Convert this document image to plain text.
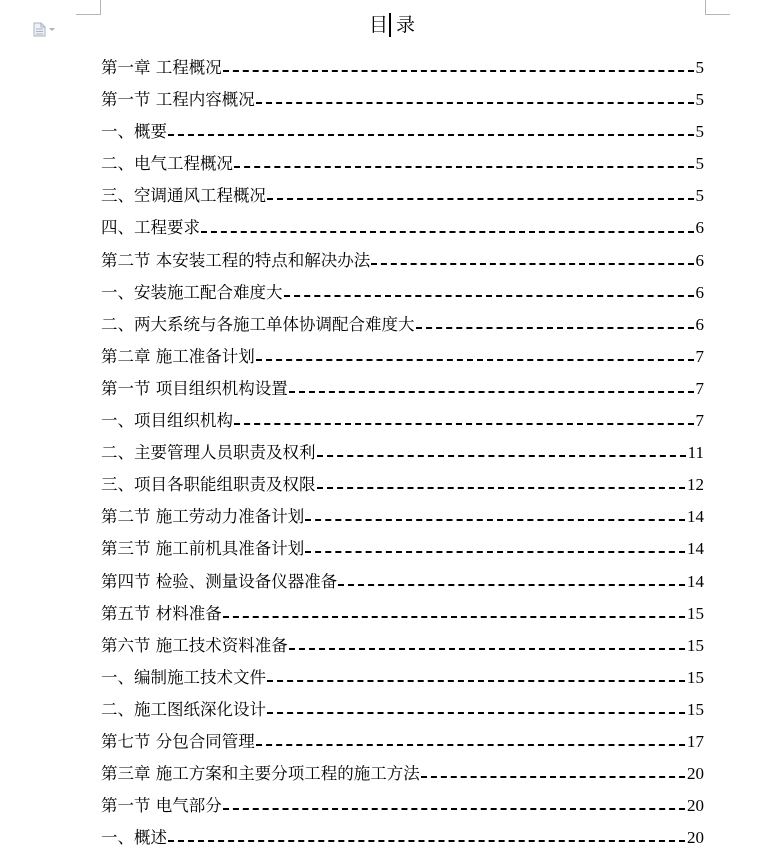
目 录
第一章 工程概况	5
第一节 工程内容概况	5
一、概要	5
二、电气工程概况	5
三、空调通风工程概况	5
四、工程要求	6
第二节 本安装工程的特点和解决办法	6
一、安装施工配合难度大	6
二、两大系统与各施工单体协调配合难度大	6
第二章 施工准备计划	7
第一节 项目组织机构设置	7
一、项目组织机构	7
二、主要管理人员职责及权利	11
三、项目各职能组职责及权限	12
第二节 施工劳动力准备计划	14
第三节 施工前机具准备计划	14
第四节 检验、测量设备仪器准备	14
第五节 材料准备	15
第六节 施工技术资料准备	15
一、编制施工技术文件	15
二、施工图纸深化设计	15
第七节 分包合同管理	17
第三章 施工方案和主要分项工程的施工方法	20
第一节 电气部分	20
一、概述	20
